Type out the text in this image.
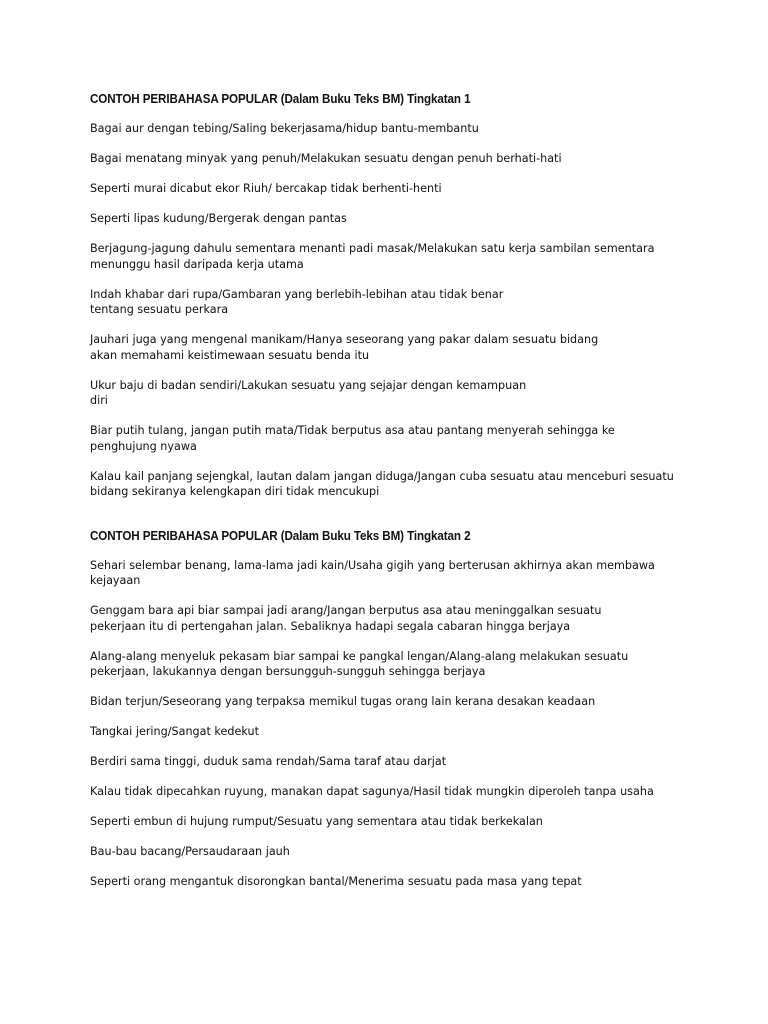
CONTOH PERIBAHASA POPULAR (Dalam Buku Teks BM) Tingkatan 1

Bagai aur dengan tebing/Saling bekerjasama/hidup bantu-membantu

Bagai menatang minyak yang penuh/Melakukan sesuatu dengan penuh berhati-hati

Seperti murai dicabut ekor Riuh/ bercakap tidak berhenti-henti

Seperti lipas kudung/Bergerak dengan pantas

Berjagung-jagung dahulu sementara menanti padi masak/Melakukan satu kerja sambilan sementara
menunggu hasil daripada kerja utama

Indah khabar dari rupa/Gambaran yang berlebih-lebihan atau tidak benar
tentang sesuatu perkara

Jauhari juga yang mengenal manikam/Hanya seseorang yang pakar dalam sesuatu bidang
akan memahami keistimewaan sesuatu benda itu

Ukur baju di badan sendiri/Lakukan sesuatu yang sejajar dengan kemampuan
diri

Biar putih tulang, jangan putih mata/Tidak berputus asa atau pantang menyerah sehingga ke
penghujung nyawa

Kalau kail panjang sejengkal, lautan dalam jangan diduga/Jangan cuba sesuatu atau menceburi sesuatu
bidang sekiranya kelengkapan diri tidak mencukupi

CONTOH PERIBAHASA POPULAR (Dalam Buku Teks BM) Tingkatan 2

Sehari selembar benang, lama-lama jadi kain/Usaha gigih yang berterusan akhirnya akan membawa
kejayaan

Genggam bara api biar sampai jadi arang/Jangan berputus asa atau meninggalkan sesuatu
pekerjaan itu di pertengahan jalan. Sebaliknya hadapi segala cabaran hingga berjaya

Alang-alang menyeluk pekasam biar sampai ke pangkal lengan/Alang-alang melakukan sesuatu
pekerjaan, lakukannya dengan bersungguh-sungguh sehingga berjaya

Bidan terjun/Seseorang yang terpaksa memikul tugas orang lain kerana desakan keadaan

Tangkai jering/Sangat kedekut

Berdiri sama tinggi, duduk sama rendah/Sama taraf atau darjat

Kalau tidak dipecahkan ruyung, manakan dapat sagunya/Hasil tidak mungkin diperoleh tanpa usaha

Seperti embun di hujung rumput/Sesuatu yang sementara atau tidak berkekalan

Bau-bau bacang/Persaudaraan jauh

Seperti orang mengantuk disorongkan bantal/Menerima sesuatu pada masa yang tepat
